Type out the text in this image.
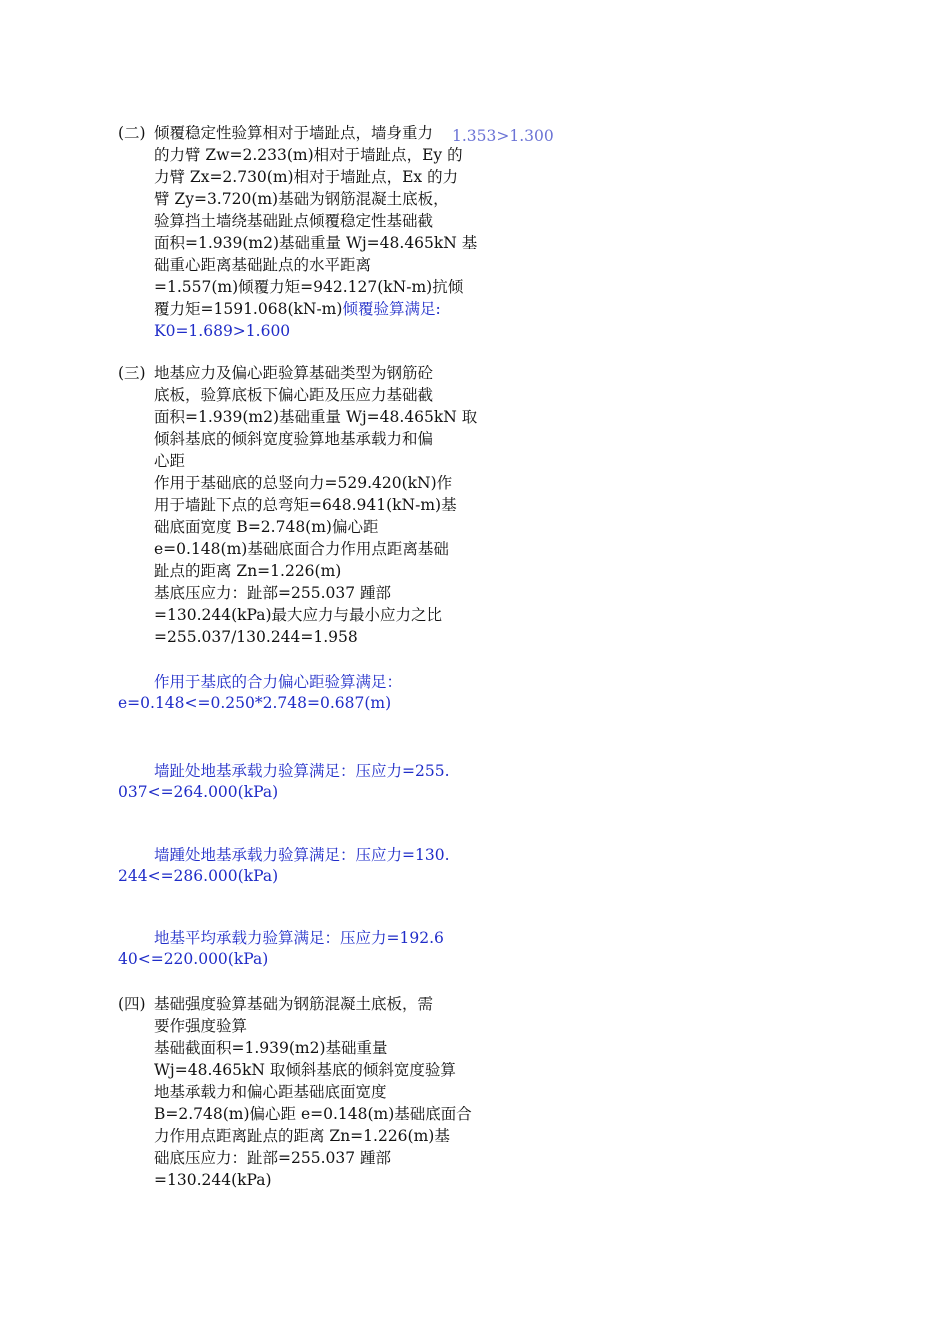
(二) 倾覆稳定性验算相对于墙趾点，墙身重力
的力臂 Zw=2.233(m)相对于墙趾点，Ey 的
力臂 Zx=2.730(m)相对于墙趾点，Ex 的力
臂 Zy=3.720(m)基础为钢筋混凝土底板，
验算挡土墙绕基础趾点倾覆稳定性基础截
面积=1.939(m2)基础重量 Wj=48.465kN 基
础重心距离基础趾点的水平距离
=1.557(m)倾覆力矩=942.127(kN-m)抗倾
覆力矩=1591.068(kN-m)倾覆验算满足:
K0=1.689>1.600
1.353>1.300
(三) 地基应力及偏心距验算基础类型为钢筋砼
底板，验算底板下偏心距及压应力基础截
面积=1.939(m2)基础重量 Wj=48.465kN 取
倾斜基底的倾斜宽度验算地基承载力和偏
心距
作用于基础底的总竖向力=529.420(kN)作
用于墙趾下点的总弯矩=648.941(kN-m)基
础底面宽度 B=2.748(m)偏心距
e=0.148(m)基础底面合力作用点距离基础
趾点的距离 Zn=1.226(m)
基底压应力：趾部=255.037 踵部
=130.244(kPa)最大应力与最小应力之比
=255.037/130.244=1.958
作用于基底的合力偏心距验算满足：
e=0.148<=0.250*2.748=0.687(m)
墙趾处地基承载力验算满足：压应力=255.
037<=264.000(kPa)
墙踵处地基承载力验算满足：压应力=130.
244<=286.000(kPa)
地基平均承载力验算满足：压应力=192.6
40<=220.000(kPa)
(四) 基础强度验算基础为钢筋混凝土底板，需
要作强度验算
基础截面积=1.939(m2)基础重量
Wj=48.465kN 取倾斜基底的倾斜宽度验算
地基承载力和偏心距基础底面宽度
B=2.748(m)偏心距 e=0.148(m)基础底面合
力作用点距离趾点的距离 Zn=1.226(m)基
础底压应力：趾部=255.037 踵部
=130.244(kPa)
